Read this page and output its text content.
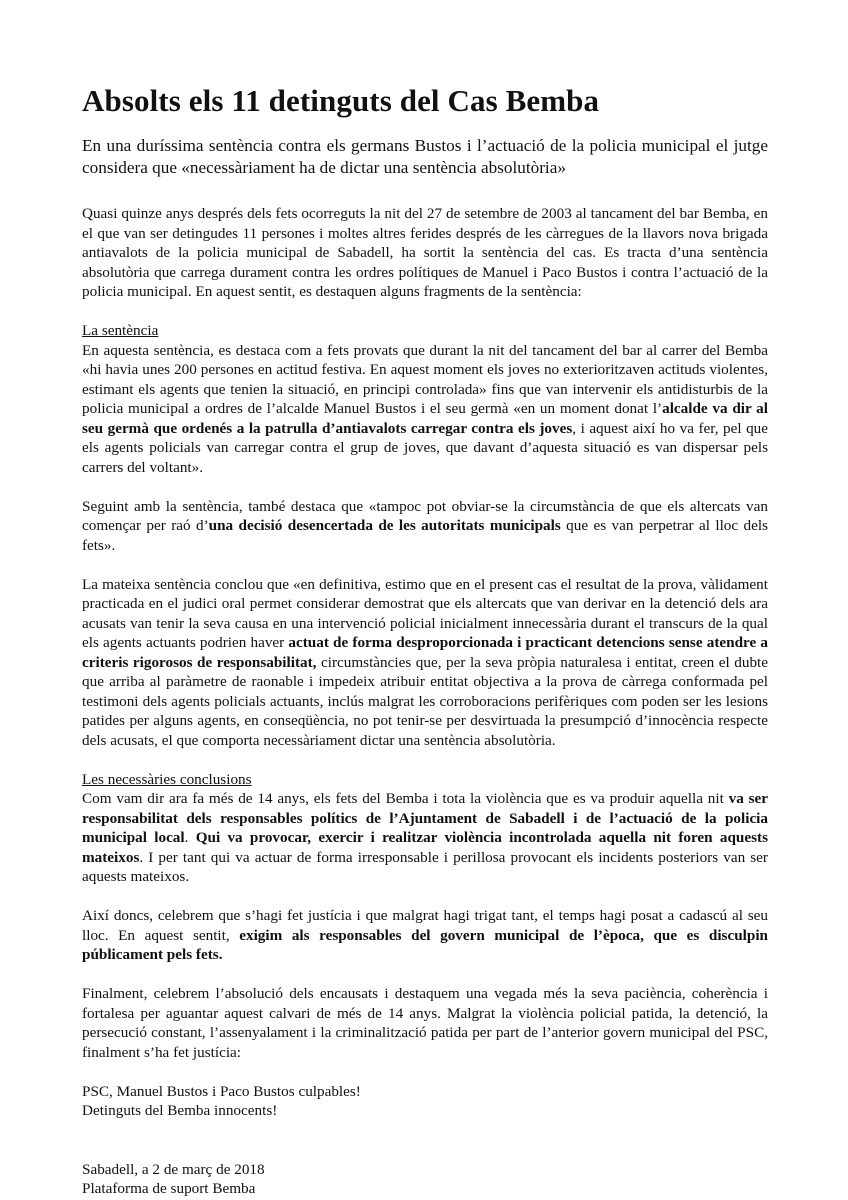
Absolts els 11 detinguts del Cas Bemba

En una duríssima sentència contra els germans Bustos i l’actuació de la policia municipal el jutge considera que «necessàriament ha de dictar una sentència absolutòria»

Quasi quinze anys després dels fets ocorreguts la nit del 27 de setembre de 2003 al tancament del bar Bemba, en el que van ser detingudes 11 persones i moltes altres ferides després de les càrregues de la llavors nova brigada antiavalots de la policia municipal de Sabadell, ha sortit la sentència del cas. Es tracta d’una sentència absolutòria que carrega durament contra les ordres polítiques de Manuel i Paco Bustos i contra l’actuació de la policia municipal. En aquest sentit, es destaquen alguns fragments de la sentència:

La sentència

En aquesta sentència, es destaca com a fets provats que durant la nit del tancament del bar al carrer del Bemba «hi havia unes 200 persones en actitud festiva. En aquest moment els joves no exterioritzaven actituds violentes, estimant els agents que tenien la situació, en principi controlada» fins que van intervenir els antidisturbis de la policia municipal a ordres de l’alcalde Manuel Bustos i el seu germà «en un moment donat l’alcalde va dir al seu germà que ordenés a la patrulla d’antiavalots carregar contra els joves, i aquest així ho va fer, pel que els agents policials van carregar contra el grup de joves, que davant d’aquesta situació es van dispersar pels carrers del voltant».

Seguint amb la sentència, també destaca que «tampoc pot obviar-se la circumstància de que els altercats van començar per raó d’una decisió desencertada de les autoritats municipals que es van perpetrar al lloc dels fets».

La mateixa sentència conclou que «en definitiva, estimo que en el present cas el resultat de la prova, vàlidament practicada en el judici oral permet considerar demostrat que els altercats que van derivar en la detenció dels ara acusats van tenir la seva causa en una intervenció policial inicialment innecessària durant el transcurs de la qual els agents actuants podrien haver actuat de forma desproporcionada i practicant detencions sense atendre a criteris rigorosos de responsabilitat, circumstàncies que, per la seva pròpia naturalesa i entitat, creen el dubte que arriba al paràmetre de raonable i impedeix atribuir entitat objectiva a la prova de càrrega conformada pel testimoni dels agents policials actuants, inclús malgrat les corroboracions perifèriques com poden ser les lesions patides per alguns agents, en conseqüència, no pot tenir-se per desvirtuada la presumpció d’innocència respecte dels acusats, el que comporta necessàriament dictar una sentència absolutòria.

Les necessàries conclusions

Com vam dir ara fa més de 14 anys, els fets del Bemba i tota la violència que es va produir aquella nit va ser responsabilitat dels responsables polítics de l’Ajuntament de Sabadell i de l’actuació de la policia municipal local. Qui va provocar, exercir i realitzar violència incontrolada aquella nit foren aquests mateixos. I per tant qui va actuar de forma irresponsable i perillosa provocant els incidents posteriors van ser aquests mateixos.

Així doncs, celebrem que s’hagi fet justícia i que malgrat hagi trigat tant, el temps hagi posat a cadascú al seu lloc. En aquest sentit, exigim als responsables del govern municipal de l’època, que es disculpin públicament pels fets.

Finalment, celebrem l’absolució dels encausats i destaquem una vegada més la seva paciència, coherència i fortalesa per aguantar aquest calvari de més de 14 anys. Malgrat la violència policial patida, la detenció, la persecució constant, l’assenyalament i la criminalització patida per part de l’anterior govern municipal del PSC, finalment s’ha fet justícia:

PSC, Manuel Bustos i Paco Bustos culpables!

Detinguts del Bemba innocents!

Sabadell, a 2 de març de 2018

Plataforma de suport Bemba
